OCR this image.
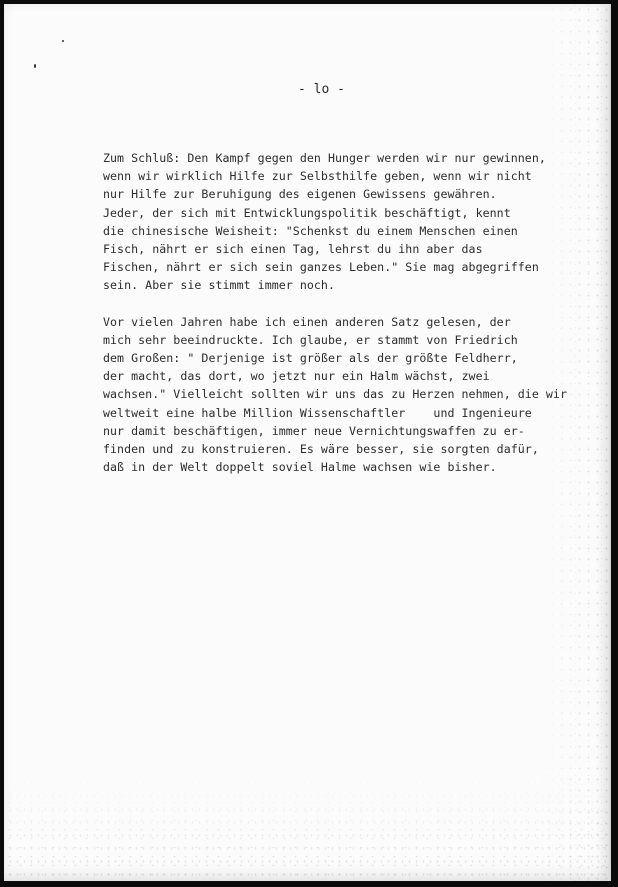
- lo -

Zum Schluß: Den Kampf gegen den Hunger werden wir nur gewinnen,
wenn wir wirklich Hilfe zur Selbsthilfe geben, wenn wir nicht
nur Hilfe zur Beruhigung des eigenen Gewissens gewähren.
Jeder, der sich mit Entwicklungspolitik beschäftigt, kennt
die chinesische Weisheit: "Schenkst du einem Menschen einen
Fisch, nährt er sich einen Tag, lehrst du ihn aber das
Fischen, nährt er sich sein ganzes Leben." Sie mag abgegriffen
sein. Aber sie stimmt immer noch.

Vor vielen Jahren habe ich einen anderen Satz gelesen, der
mich sehr beeindruckte. Ich glaube, er stammt von Friedrich
dem Großen: " Derjenige ist größer als der größte Feldherr,
der macht, das dort, wo jetzt nur ein Halm wächst, zwei
wachsen." Vielleicht sollten wir uns das zu Herzen nehmen, die wir
weltweit eine halbe Million Wissenschaftler    und Ingenieure
nur damit beschäftigen, immer neue Vernichtungswaffen zu er-
finden und zu konstruieren. Es wäre besser, sie sorgten dafür,
daß in der Welt doppelt soviel Halme wachsen wie bisher.
